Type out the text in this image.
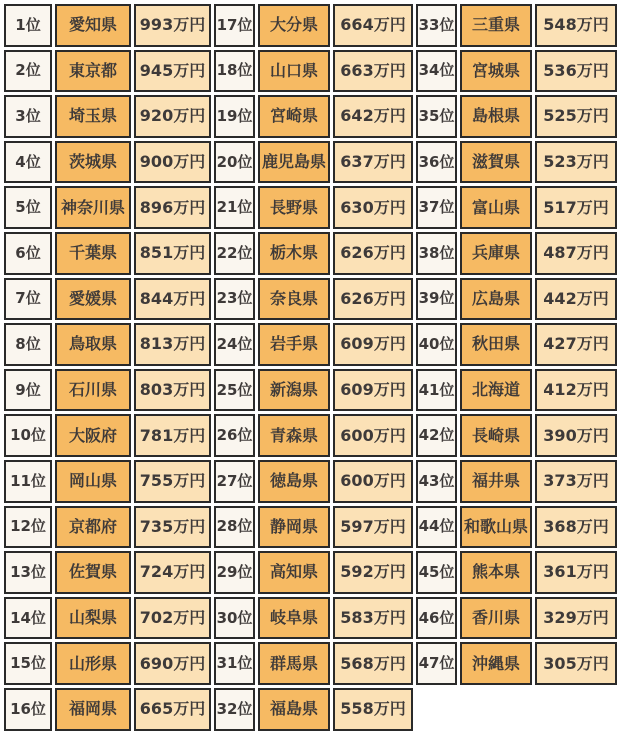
1位	愛知県	993万円 17位	大分県	664万円 33位	三重県	548万円
2位	東京都	945万円 18位	山口県	663万円 34位	宮城県	536万円
3位	埼玉県	920万円 19位	宮崎県	642万円 35位	島根県	525万円
4位	茨城県	900万円 20位 鹿児島県 637万円 36位	滋賀県	523万円
5位	神奈川県 896万円 21位	長野県	630万円 37位	富山県	517万円
6位	千葉県	851万円 22位	栃木県	626万円 38位	兵庫県	487万円
7位	愛媛県	844万円 23位	奈良県	626万円 39位	広島県	442万円
8位	鳥取県	813万円 24位	岩手県	609万円 40位	秋田県	427万円
9位	石川県	803万円 25位	新潟県	609万円 41位	北海道	412万円
10位	大阪府	781万円 26位	青森県	600万円 42位	長崎県	390万円
11位	岡山県	755万円 27位	徳島県	600万円 43位	福井県	373万円
12位	京都府	735万円 28位	静岡県	597万円 44位 和歌山県 368万円
13位	佐賀県	724万円 29位	高知県	592万円 45位	熊本県	361万円
14位	山梨県	702万円 30位	岐阜県	583万円 46位	香川県	329万円
15位	山形県	690万円 31位	群馬県	568万円 47位	沖縄県	305万円
16位	福岡県	665万円 32位	福島県	558万円
